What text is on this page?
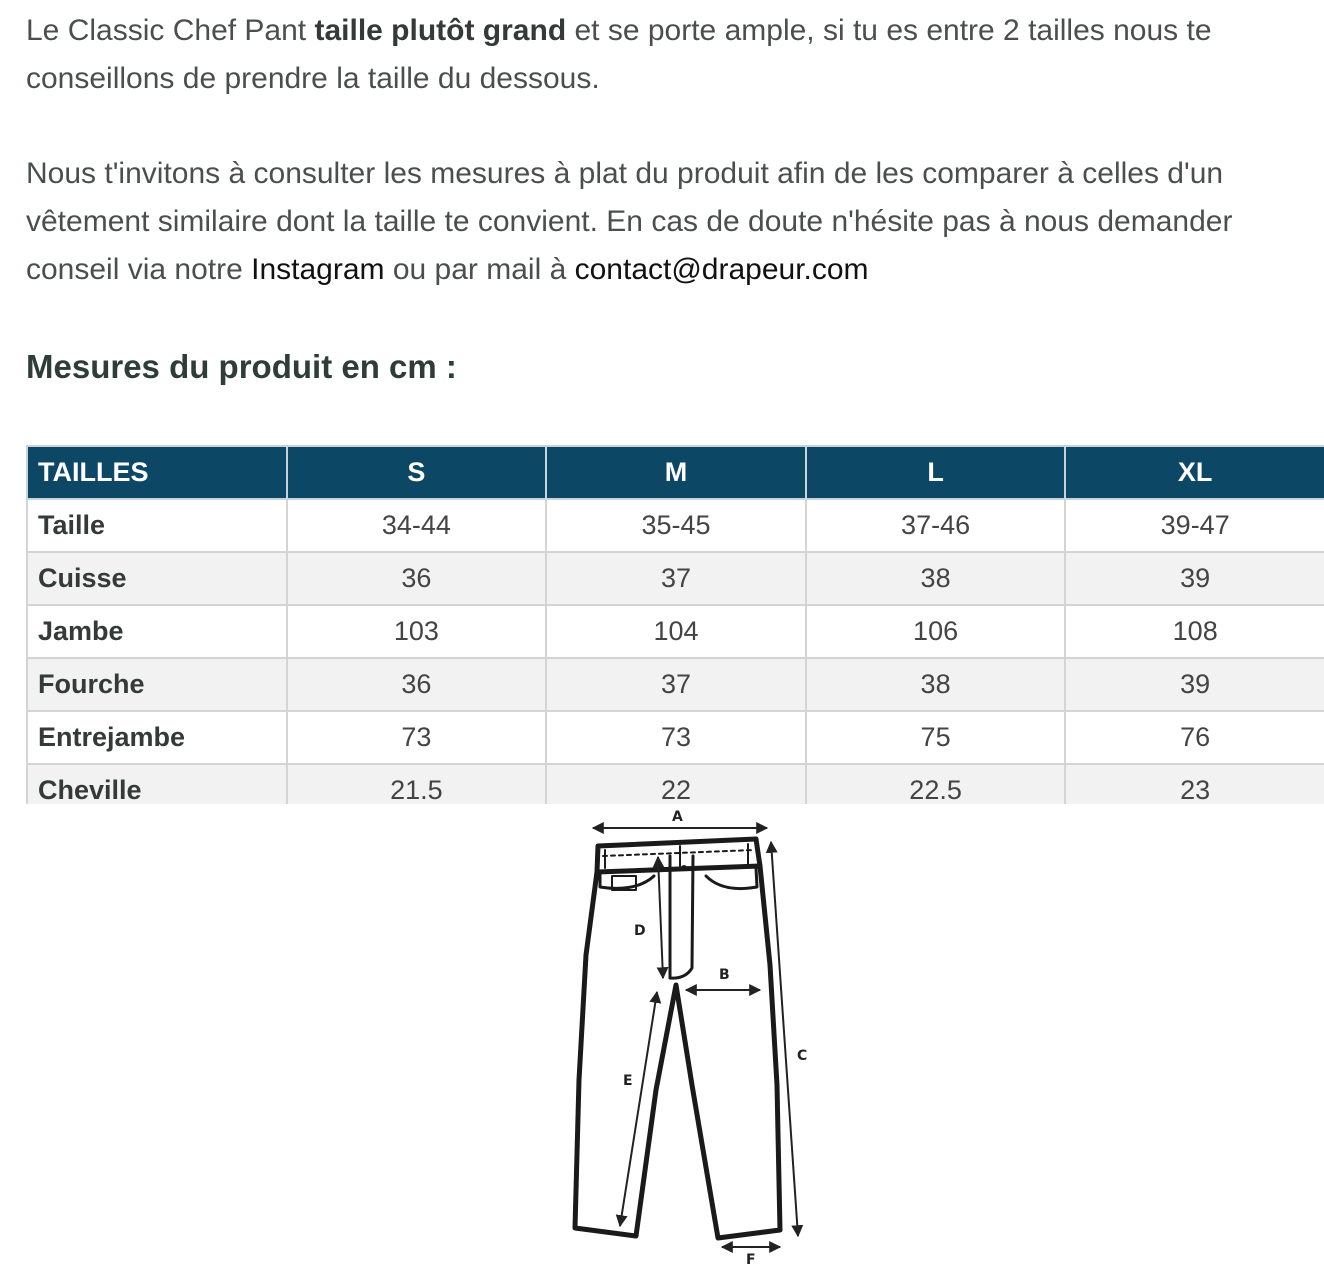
Le Classic Chef Pant taille plutôt grand et se porte ample, si tu es entre 2 tailles nous te conseillons de prendre la taille du dessous.

Nous t'invitons à consulter les mesures à plat du produit afin de les comparer à celles d'un vêtement similaire dont la taille te convient. En cas de doute n'hésite pas à nous demander conseil via notre Instagram ou par mail à contact@drapeur.com

Mesures du produit en cm :
TAILLES	S	M	L	XL
Taille	34-44	35-45	37-46	39-47
Cuisse	36	37	38	39
Jambe	103	104	106	108
Fourche	36	37	38	39
Entrejambe	73	73	75	76
Cheville	21.5	22	22.5	23
A
D
B
C
E
F
